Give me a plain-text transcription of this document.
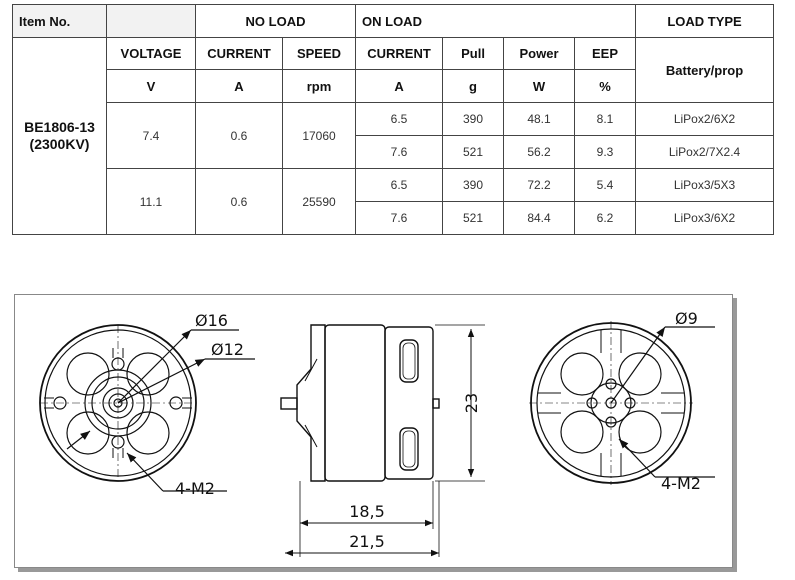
Item No.		NO LOAD		ON LOAD				LOAD TYPE
BE1806-13 (2300KV)	VOLTAGE	CURRENT	SPEED	CURRENT	Pull	Power	EEP	Battery/prop
	V	A	rpm	A	g	W	%	
	7.4	0.6	17060	6.5	390	48.1	8.1	LiPox2/6X2
				7.6	521	56.2	9.3	LiPox2/7X2.4
	11.1	0.6	25590	6.5	390	72.2	5.4	LiPox3/5X3
				7.6	521	84.4	6.2	LiPox3/6X2
Ø16
Ø12
4-M2
23
18,5
21,5
Ø9
4-M2
